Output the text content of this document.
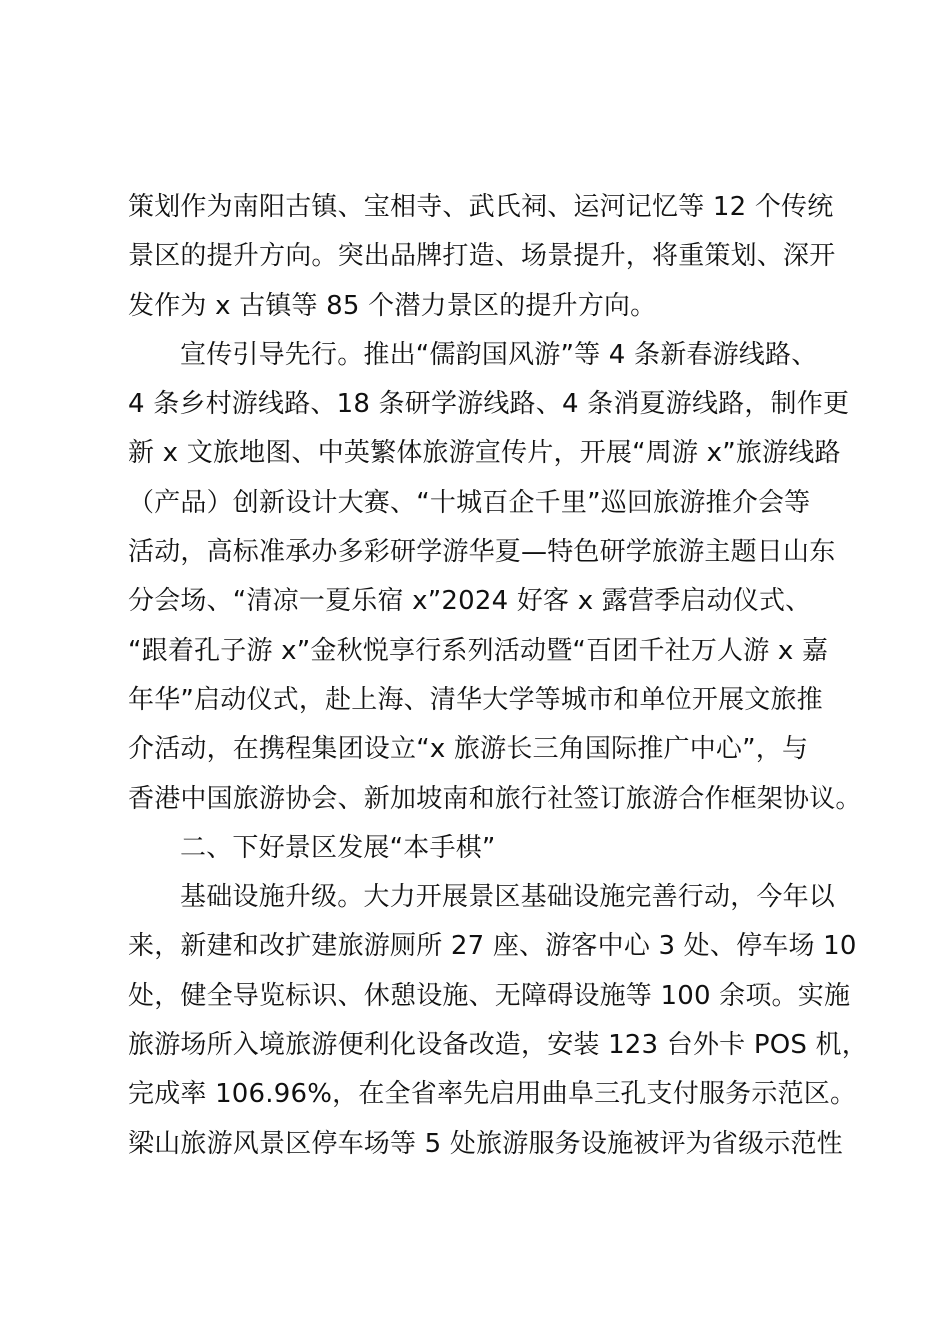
策划作为南阳古镇、宝相寺、武氏祠、运河记忆等 12 个传统
景区的提升方向。突出品牌打造、场景提升，将重策划、深开
发作为 x 古镇等 85 个潜力景区的提升方向。
宣传引导先行。推出“儒韵国风游”等 4 条新春游线路、
4 条乡村游线路、18 条研学游线路、4 条消夏游线路，制作更
新 x 文旅地图、中英繁体旅游宣传片，开展“周游 x”旅游线路
（产品）创新设计大赛、“十城百企千里”巡回旅游推介会等
活动，高标准承办多彩研学游华夏—特色研学旅游主题日山东
分会场、“清凉一夏乐宿 x”2024 好客 x 露营季启动仪式、
“跟着孔子游 x”金秋悦享行系列活动暨“百团千社万人游 x 嘉
年华”启动仪式，赴上海、清华大学等城市和单位开展文旅推
介活动，在携程集团设立“x 旅游长三角国际推广中心”，与
香港中国旅游协会、新加坡南和旅行社签订旅游合作框架协议。
二、下好景区发展“本手棋”
基础设施升级。大力开展景区基础设施完善行动，今年以
来，新建和改扩建旅游厕所 27 座、游客中心 3 处、停车场 10
处，健全导览标识、休憩设施、无障碍设施等 100 余项。实施
旅游场所入境旅游便利化设备改造，安装 123 台外卡 POS 机，
完成率 106.96%，在全省率先启用曲阜三孔支付服务示范区。
梁山旅游风景区停车场等 5 处旅游服务设施被评为省级示范性
